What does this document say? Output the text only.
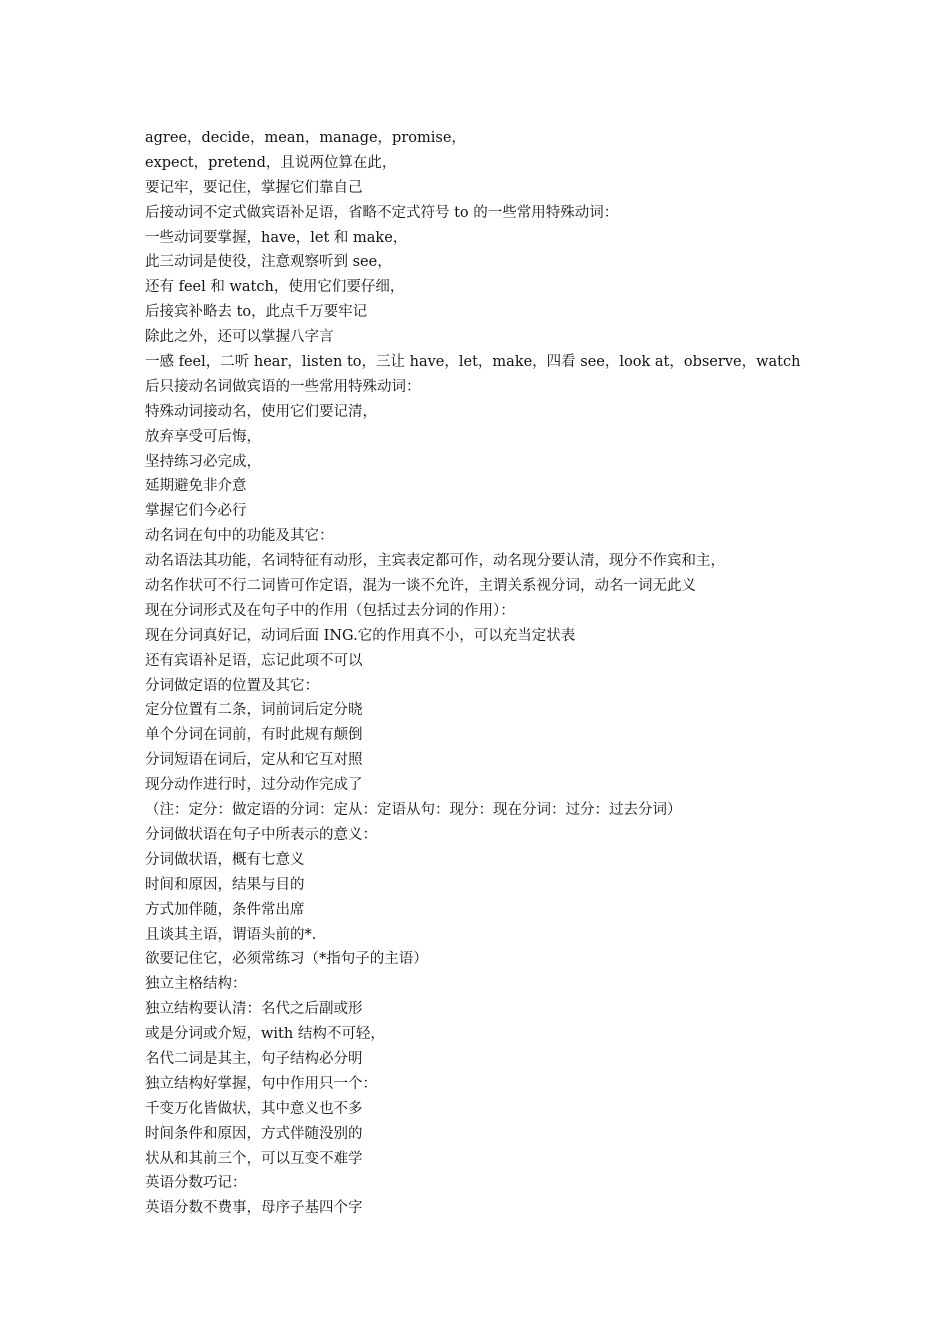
agree，decide，mean，manage，promise，
expect，pretend，且说两位算在此，
要记牢，要记住，掌握它们靠自己
后接动词不定式做宾语补足语，省略不定式符号 to 的一些常用特殊动词：
一些动词要掌握，have，let 和 make，
此三动词是使役，注意观察听到 see，
还有 feel 和 watch，使用它们要仔细，
后接宾补略去 to，此点千万要牢记
除此之外，还可以掌握八字言
一感 feel，二听 hear，listen to，三让 have，let，make，四看 see，look at，observe，watch
后只接动名词做宾语的一些常用特殊动词：
特殊动词接动名，使用它们要记清，
放弃享受可后悔，
坚持练习必完成，
延期避免非介意
掌握它们今必行
动名词在句中的功能及其它：
动名语法其功能，名词特征有动形，主宾表定都可作，动名现分要认清，现分不作宾和主，
动名作状可不行二词皆可作定语，混为一谈不允许，主谓关系视分词，动名一词无此义
现在分词形式及在句子中的作用（包括过去分词的作用）：
现在分词真好记，动词后面 ING.它的作用真不小，可以充当定状表
还有宾语补足语，忘记此项不可以
分词做定语的位置及其它：
定分位置有二条，词前词后定分晓
单个分词在词前，有时此规有颠倒
分词短语在词后，定从和它互对照
现分动作进行时，过分动作完成了
（注：定分：做定语的分词：定从：定语从句：现分：现在分词：过分：过去分词）
分词做状语在句子中所表示的意义：
分词做状语，概有七意义
时间和原因，结果与目的
方式加伴随，条件常出席
且谈其主语，谓语头前的*.
欲要记住它，必须常练习（*指句子的主语）
独立主格结构：
独立结构要认清：名代之后副或形
或是分词或介短，with 结构不可轻，
名代二词是其主，句子结构必分明
独立结构好掌握，句中作用只一个：
千变万化皆做状，其中意义也不多
时间条件和原因，方式伴随没别的
状从和其前三个，可以互变不难学
英语分数巧记：
英语分数不费事，母序子基四个字
